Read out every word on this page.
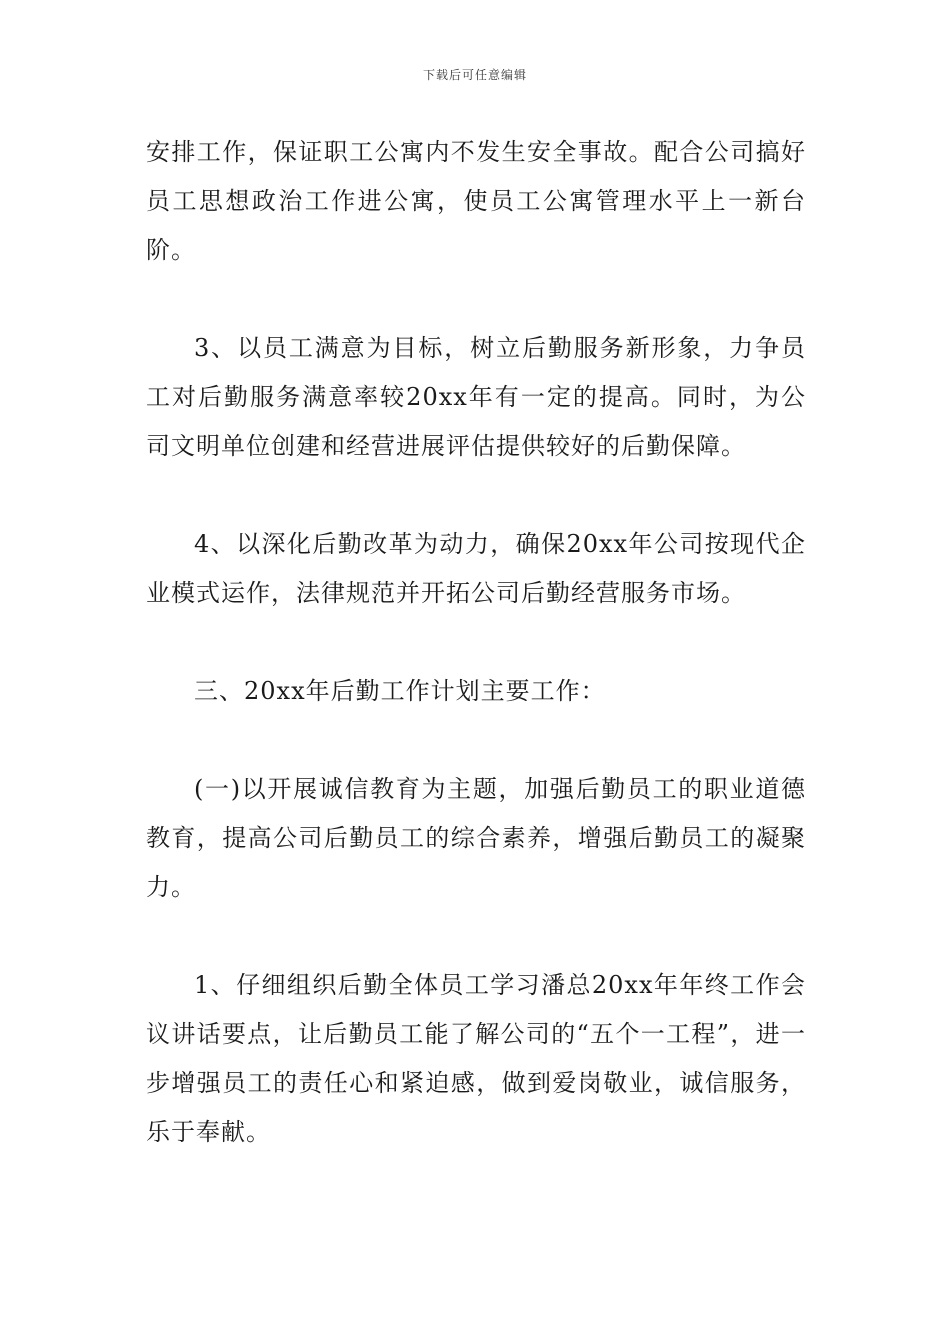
下载后可任意编辑

安排工作，保证职工公寓内不发生安全事故。配合公司搞好员工思想政治工作进公寓，使员工公寓管理水平上一新台阶。

3、以员工满意为目标，树立后勤服务新形象，力争员工对后勤服务满意率较20xx年有一定的提高。同时，为公司文明单位创建和经营进展评估提供较好的后勤保障。

4、以深化后勤改革为动力，确保20xx年公司按现代企业模式运作，法律规范并开拓公司后勤经营服务市场。

三、20xx年后勤工作计划主要工作：

(一)以开展诚信教育为主题，加强后勤员工的职业道德教育，提高公司后勤员工的综合素养，增强后勤员工的凝聚力。

1、仔细组织后勤全体员工学习潘总20xx年年终工作会议讲话要点，让后勤员工能了解公司的“五个一工程”，进一步增强员工的责任心和紧迫感，做到爱岗敬业，诚信服务，乐于奉献。
